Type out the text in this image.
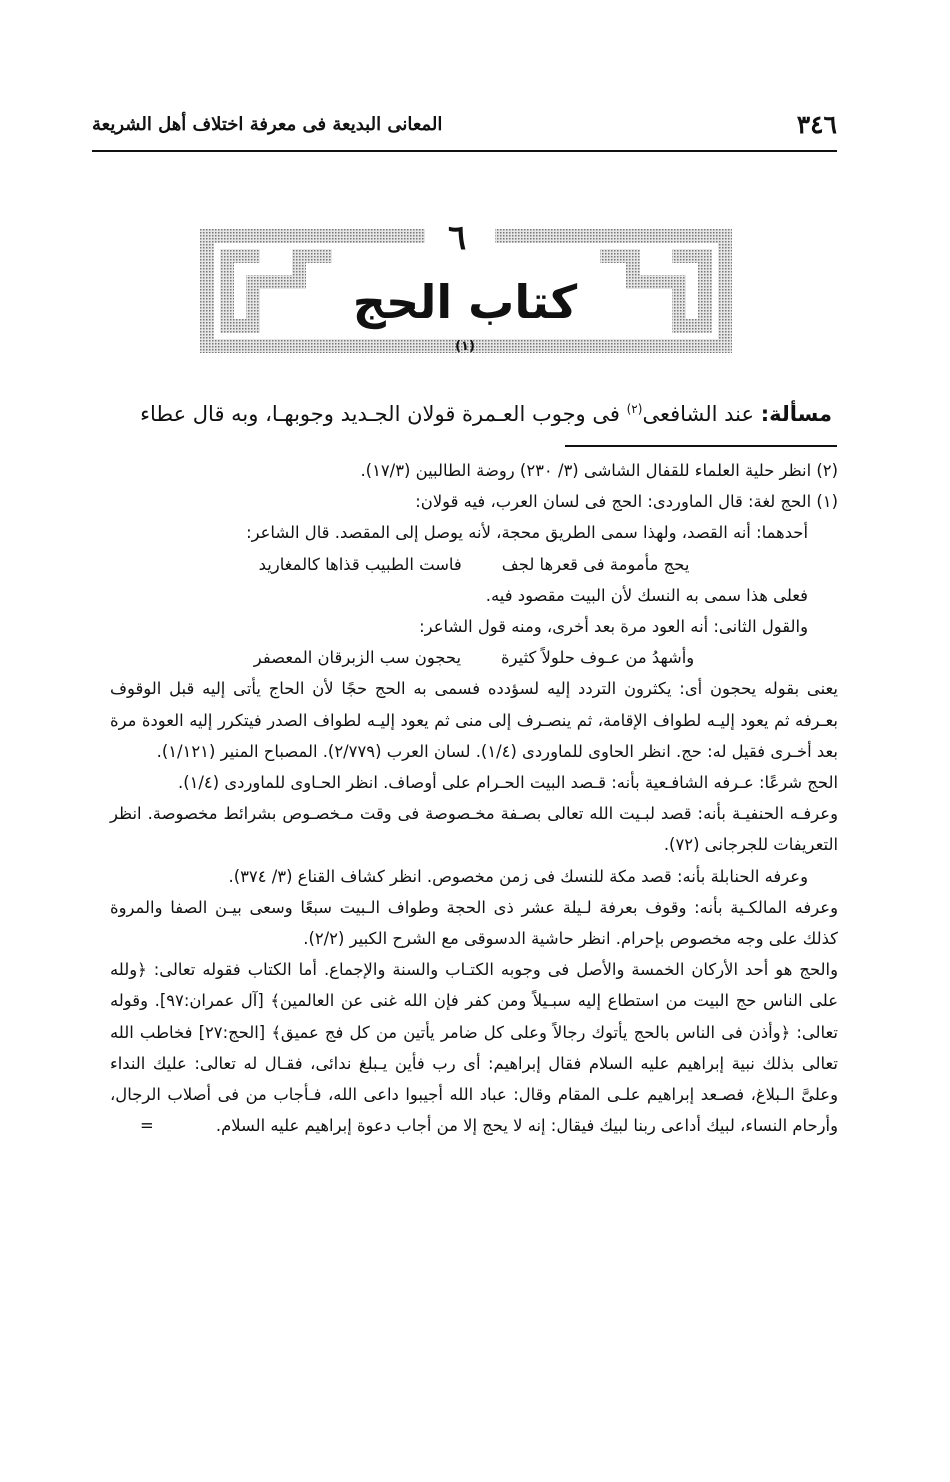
٣٤٦
المعانى البديعة فى معرفة اختلاف أهل الشريعة
٦
كتاب الحج $^{(١)}$
مسألة: عند الشافعى$^{(٢)}$ فى وجوب العـمرة قولان الجـديد وجوبهـا، وبه قال عطاء

(٢) انظر حلية العلماء للقفال الشاشى (٣/ ٢٣٠) روضة الطالبين (١٧/٣).

(١) الحج لغة: قال الماوردى: الحج فى لسان العرب، فيه قولان:

أحدهما: أنه القصد، ولهذا سمى الطريق محجة، لأنه يوصل إلى المقصد. قال الشاعر:

يحج مأمومة فى قعرها لجف
فاست الطبيب قذاها كالمغاريد

فعلى هذا سمى به النسك لأن البيت مقصود فيه.

والقول الثانى: أنه العود مرة بعد أخرى، ومنه قول الشاعر:

وأشهدُ من عـوف حلولاً كثيرة
يحجون سب الزبرقان المعصفر

يعنى بقوله يحجون أى: يكثرون التردد إليه لسؤدده فسمى به الحج حجًا لأن الحاج يأتى إليه قبل الوقوف بعـرفه ثم يعود إليـه لطواف الإقامة، ثم ينصـرف إلى منى ثم يعود إليـه لطواف الصدر فيتكرر إليه العودة مرة بعد أخـرى فقيل له: حج. انظر الحاوى للماوردى (١/٤). لسان العرب (٢/٧٧٩). المصباح المنير (١/١٢١).

الحج شرعًا: عـرفه الشافـعية بأنه: قـصد البيت الحـرام على أوصاف. انظر الحـاوى للماوردى (١/٤).

وعرفـه الحنفيـة بأنه: قصد لبـيت الله تعالى بصـفة مخـصوصة فى وقت مـخصـوص بشرائط مخصوصة. انظر التعريفات للجرجانى (٧٢).

وعرفه الحنابلة بأنه: قصد مكة للنسك فى زمن مخصوص. انظر كشاف القناع (٣/ ٣٧٤).

وعرفه المالكـية بأنه: وقوف بعرفة لـيلة عشر ذى الحجة وطواف الـبيت سبعًا وسعى بيـن الصفا والمروة كذلك على وجه مخصوص بإحرام. انظر حاشية الدسوقى مع الشرح الكبير (٢/٢).

والحج هو أحد الأركان الخمسة والأصل فى وجوبه الكتـاب والسنة والإجماع. أما الكتاب فقوله تعالى: ﴿ولله على الناس حج البيت من استطاع إليه سبـيلاً ومن كفر فإن الله غنى عن العالمين﴾ [آل عمران:٩٧]. وقوله تعالى: ﴿وأذن فى الناس بالحج يأتوك رجالاً وعلى كل ضامر يأتين من كل فج عميق﴾ [الحج:٢٧] فخاطب الله تعالى بذلك نبية إبراهيم عليه السلام فقال إبراهيم: أى رب فأين يـبلغ ندائى، فقـال له تعالى: عليك النداء وعلىَّ الـبلاغ، فصـعد إبراهيم علـى المقام وقال: عباد الله أجيبوا داعى الله، فـأجاب من فى أصلاب الرجال، وأرحام النساء، لبيك أداعى ربنا لبيك فيقال: إنه لا يحج إلا من أجاب دعوة إبراهيم عليه السلام.
=
